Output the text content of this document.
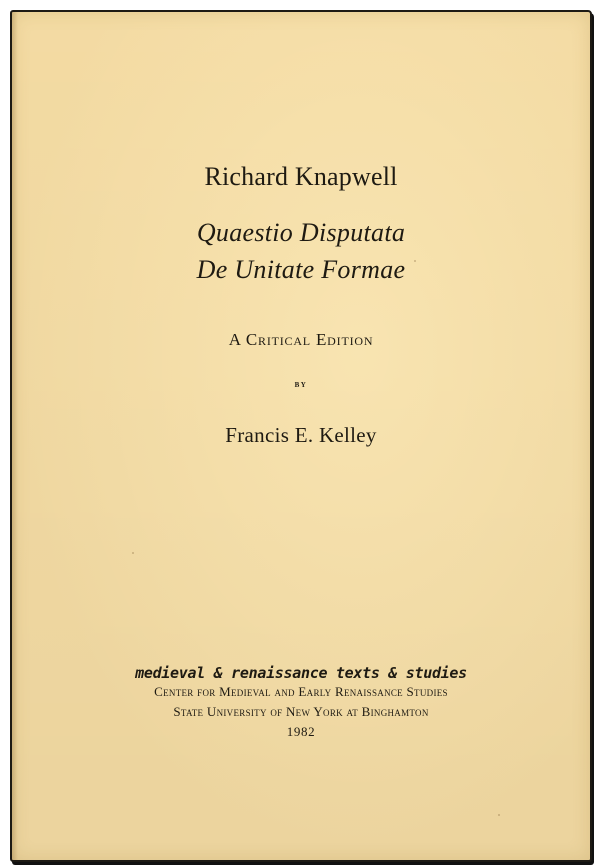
Richard Knapwell
Quaestio Disputata
De Unitate Formae
A Critical Edition
by
Francis E. Kelley
medieval & renaissance texts & studies
Center for Medieval and Early Renaissance Studies
State University of New York at Binghamton
1982
